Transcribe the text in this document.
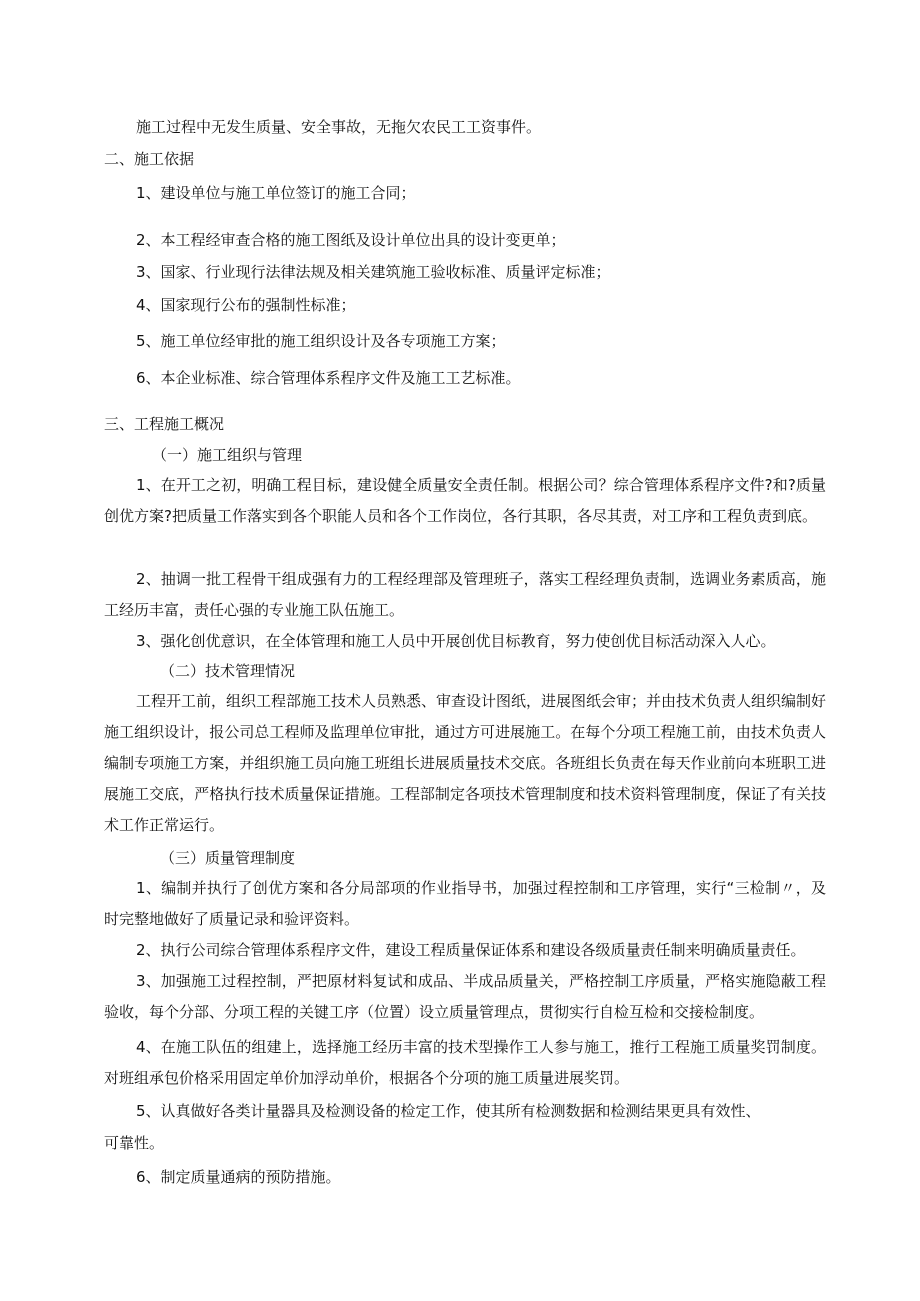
施工过程中无发生质量、安全事故，无拖欠农民工工资事件。
二、施工依据
1、建设单位与施工单位签订的施工合同；
2、本工程经审查合格的施工图纸及设计单位出具的设计变更单；
3、国家、行业现行法律法规及相关建筑施工验收标准、质量评定标准；
4、国家现行公布的强制性标准；
5、施工单位经审批的施工组织设计及各专项施工方案；
6、本企业标准、综合管理体系程序文件及施工工艺标准。
三、工程施工概况
（一）施工组织与管理
1、在开工之初，明确工程目标，建设健全质量安全责任制。根据公司？综合管理体系程序文件?和?质量创优方案?把质量工作落实到各个职能人员和各个工作岗位，各行其职，各尽其责，对工序和工程负责到底。
2、抽调一批工程骨干组成强有力的工程经理部及管理班子，落实工程经理负责制，选调业务素质高，施工经历丰富，责任心强的专业施工队伍施工。
3、强化创优意识，在全体管理和施工人员中开展创优目标教育，努力使创优目标活动深入人心。
（二）技术管理情况
工程开工前，组织工程部施工技术人员熟悉、审查设计图纸，进展图纸会审；并由技术负责人组织编制好施工组织设计，报公司总工程师及监理单位审批，通过方可进展施工。在每个分项工程施工前，由技术负责人编制专项施工方案，并组织施工员向施工班组长进展质量技术交底。各班组长负责在每天作业前向本班职工进展施工交底，严格执行技术质量保证措施。工程部制定各项技术管理制度和技术资料管理制度，保证了有关技术工作正常运行。
（三）质量管理制度
1、编制并执行了创优方案和各分局部项的作业指导书，加强过程控制和工序管理，实行“三检制〃，及时完整地做好了质量记录和验评资料。
2、执行公司综合管理体系程序文件，建设工程质量保证体系和建设各级质量责任制来明确质量责任。
3、加强施工过程控制，严把原材料复试和成品、半成品质量关，严格控制工序质量，严格实施隐蔽工程验收，每个分部、分项工程的关键工序（位置）设立质量管理点，贯彻实行自检互检和交接检制度。
4、在施工队伍的组建上，选择施工经历丰富的技术型操作工人参与施工，推行工程施工质量奖罚制度。对班组承包价格采用固定单价加浮动单价，根据各个分项的施工质量进展奖罚。
5、认真做好各类计量器具及检测设备的检定工作，使其所有检测数据和检测结果更具有效性、
可靠性。
6、制定质量通病的预防措施。
